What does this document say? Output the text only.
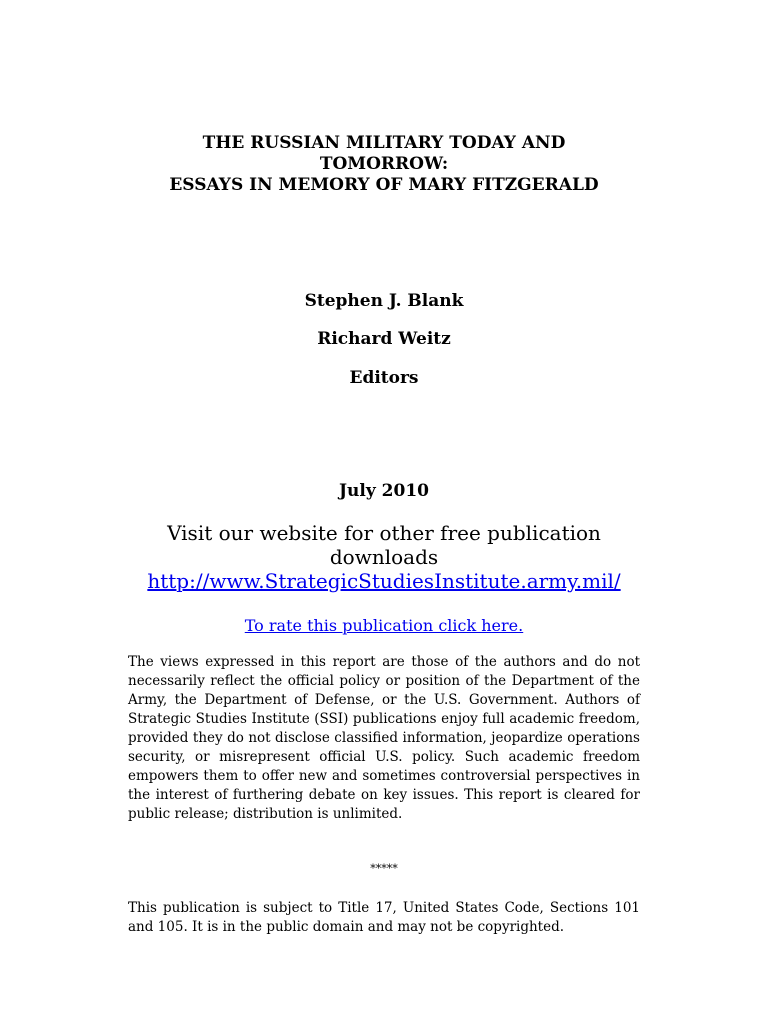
THE RUSSIAN MILITARY TODAY AND
TOMORROW:
ESSAYS IN MEMORY OF MARY FITZGERALD
Stephen J. Blank
Richard Weitz
Editors
July 2010
Visit our website for other free publication
downloads
http://www.StrategicStudiesInstitute.army.mil/
To rate this publication click here.

The views expressed in this report are those of the authors and do not necessarily reflect the official policy or position of the Department of the Army, the Department of Defense, or the U.S. Government. Authors of Strategic Studies Institute (SSI) publications enjoy full academic freedom, provided they do not disclose classified information, jeopardize operations security, or misrepresent official U.S. policy. Such academic freedom empowers them to offer new and sometimes controversial perspectives in the interest of furthering debate on key issues. This report is cleared for public release; distribution is unlimited.

*****

This publication is subject to Title 17, United States Code, Sections 101 and 105. It is in the public domain and may not be copyrighted.
